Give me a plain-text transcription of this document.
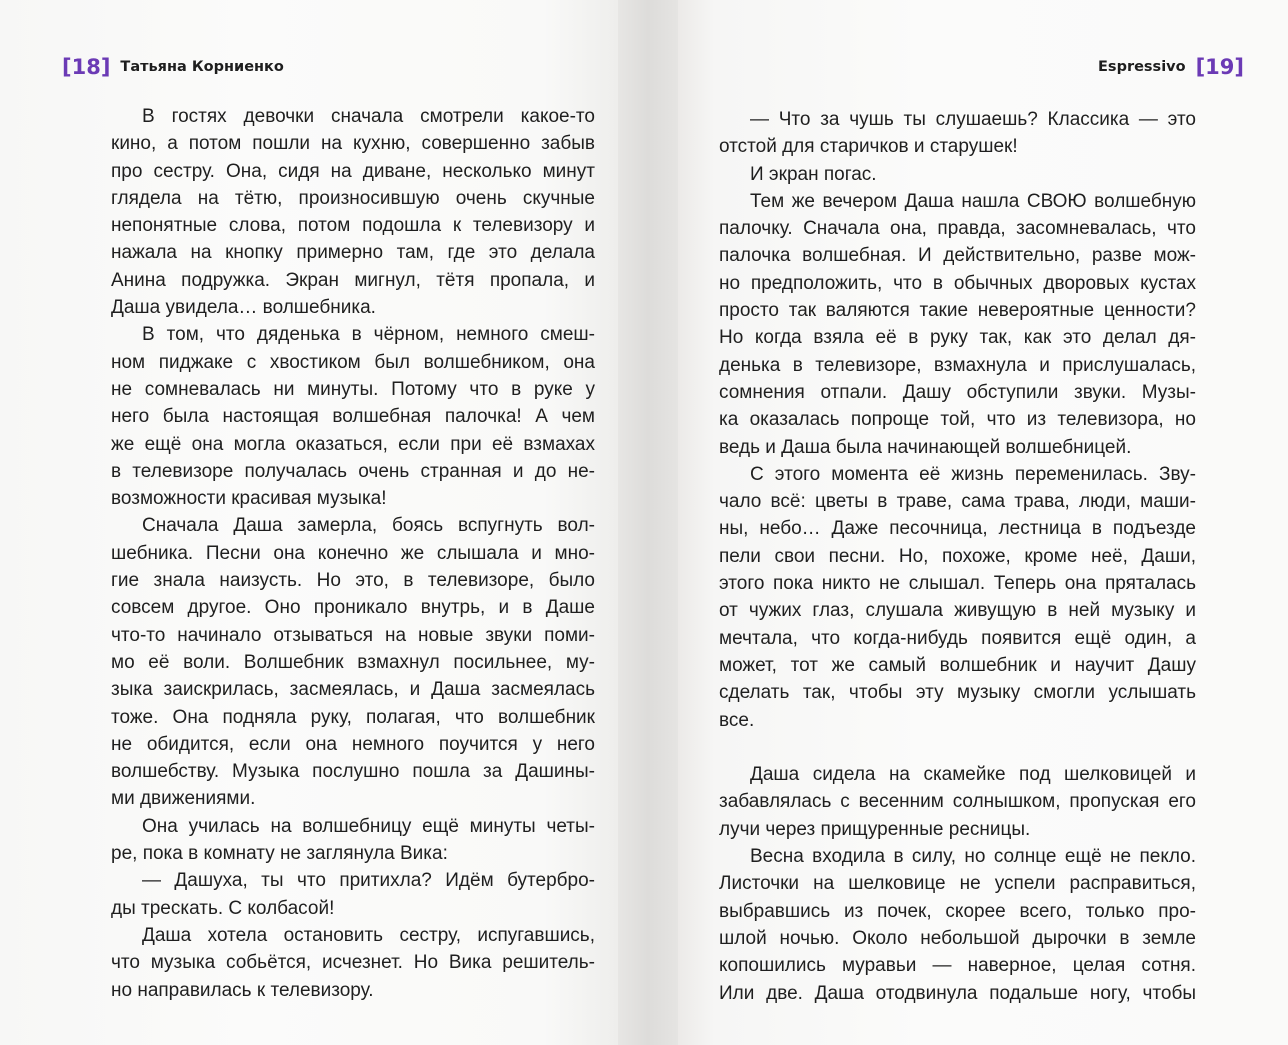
[18] Татьяна Корниенко
В гостях девочки сначала смотрели какое-то
кино, а потом пошли на кухню, совершенно забыв
про сестру. Она, сидя на диване, несколько минут
глядела на тётю, произносившую очень скучные
непонятные слова, потом подошла к телевизору и
нажала на кнопку примерно там, где это делала
Анина подружка. Экран мигнул, тётя пропала, и
Даша увидела… волшебника.
В том, что дяденька в чёрном, немного смеш-
ном пиджаке с хвостиком был волшебником, она
не сомневалась ни минуты. Потому что в руке у
него была настоящая волшебная палочка! А чем
же ещё она могла оказаться, если при её взмахах
в телевизоре получалась очень странная и до не-
возможности красивая музыка!
Сначала Даша замерла, боясь вспугнуть вол-
шебника. Песни она конечно же слышала и мно-
гие знала наизусть. Но это, в телевизоре, было
совсем другое. Оно проникало внутрь, и в Даше
что-то начинало отзываться на новые звуки поми-
мо её воли. Волшебник взмахнул посильнее, му-
зыка заискрилась, засмеялась, и Даша засмеялась
тоже. Она подняла руку, полагая, что волшебник
не обидится, если она немного поучится у него
волшебству. Музыка послушно пошла за Дашины-
ми движениями.
Она училась на волшебницу ещё минуты четы-
ре, пока в комнату не заглянула Вика:
— Дашуха, ты что притихла? Идём бутербро-
ды трескать. С колбасой!
Даша хотела остановить сестру, испугавшись,
что музыка собьётся, исчезнет. Но Вика решитель-
но направилась к телевизору.
Espressivo [19]
— Что за чушь ты слушаешь? Классика — это
отстой для старичков и старушек!
И экран погас.
Тем же вечером Даша нашла СВОЮ волшебную
палочку. Сначала она, правда, засомневалась, что
палочка волшебная. И действительно, разве мож-
но предположить, что в обычных дворовых кустах
просто так валяются такие невероятные ценности?
Но когда взяла её в руку так, как это делал дя-
денька в телевизоре, взмахнула и прислушалась,
сомнения отпали. Дашу обступили звуки. Музы-
ка оказалась попроще той, что из телевизора, но
ведь и Даша была начинающей волшебницей.
С этого момента её жизнь переменилась. Зву-
чало всё: цветы в траве, сама трава, люди, маши-
ны, небо… Даже песочница, лестница в подъезде
пели свои песни. Но, похоже, кроме неё, Даши,
этого пока никто не слышал. Теперь она пряталась
от чужих глаз, слушала живущую в ней музыку и
мечтала, что когда-нибудь появится ещё один, а
может, тот же самый волшебник и научит Дашу
сделать так, чтобы эту музыку смогли услышать
все.
Даша сидела на скамейке под шелковицей и
забавлялась с весенним солнышком, пропуская его
лучи через прищуренные ресницы.
Весна входила в силу, но солнце ещё не пекло.
Листочки на шелковице не успели расправиться,
выбравшись из почек, скорее всего, только про-
шлой ночью. Около небольшой дырочки в земле
копошились муравьи — наверное, целая сотня.
Или две. Даша отодвинула подальше ногу, чтобы
